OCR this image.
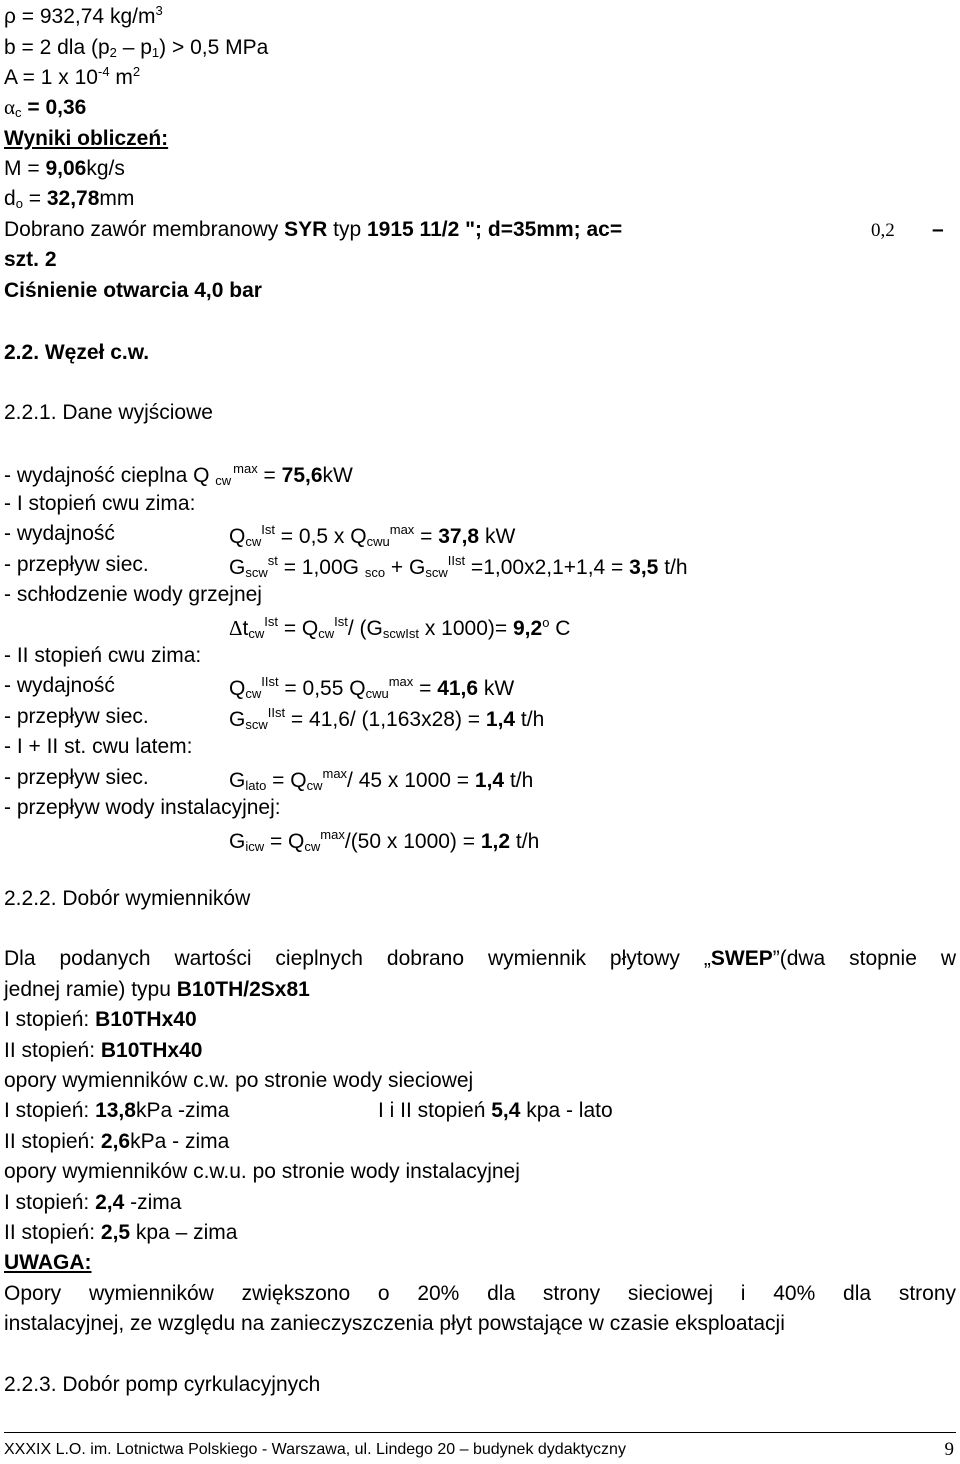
ρ = 932,74 $kg/m^3$
b = 2 dla $(p_2 - p_1) > 0,5$ MPa
A = 1 x $10^{-4}$ $m^2$
$\alpha_c = 0,36$
Wyniki obliczeń:
M = 9,06kg/s
$d_o = 32,78mm$
Dobrano zawór membranowy SYR typ 1915 11/2 "; d=35mm; ac=	0,2 –
szt. 2
Ciśnienie otwarcia 4,0 bar
2.2. Węzeł c.w.
2.2.1. Dane wyjściowe
- wydajność cieplna Q $_{cw}$max = 75,6kW
- I stopień cwu zima:
- wydajność	$Q_{cw}Ist = 0,5$ x $Q_{cwu}\max = 37,8$ kW
- przepływ siec.	$G_{scw}st = 1,00G$ $_{sco} + G_{scw}IIst =1,00x2,1+1,4 = 3,5$ t/h
- schłodzenie wody grzejnej
$\Delta t_{cw}Ist = Q_{cw}Ist/$ ($G_{scwIst}$ x $1000)= 9,2^o$ C
- II stopień cwu zima:
- wydajność	$Q_{cw}IIst = 0,55$ $Q_{cwu}\max = 41,6$ kW
- przepływ siec.	$G_{scw}IIst = 41,6/$ (1,163x28) = 1,4 t/h
- I + II st. cwu latem:
- przepływ siec.	$G_{lato} = Q_{cw}\max/$ 45 x 1000 = 1,4 t/h
- przepływ wody instalacyjnej:
$G_{icw} = Q_{cw}\max/(50$ x 1000) = 1,2 t/h
2.2.2. Dobór wymienników
Dla podanych wartości cieplnych dobrano wymiennik płytowy „SWEP”(dwa stopnie w
jednej ramie) typu B10TH/2Sx81
I stopień: B10THx40
II stopień: B10THx40
opory wymienników c.w. po stronie wody sieciowej
I stopień: 13,8kPa -zima	I i II stopień 5,4 kpa - lato
II stopień: 2,6kPa - zima
opory wymienników c.w.u. po stronie wody instalacyjnej
I stopień: 2,4 -zima
II stopień: 2,5 kpa – zima
UWAGA:
Opory wymienników zwiększono o 20% dla strony sieciowej i 40% dla strony
instalacyjnej, ze względu na zanieczyszczenia płyt powstające w czasie eksploatacji
2.2.3. Dobór pomp cyrkulacyjnych
XXXIX L.O. im. Lotnictwa Polskiego - Warszawa, ul. Lindego 20 – budynek dydaktyczny	9
